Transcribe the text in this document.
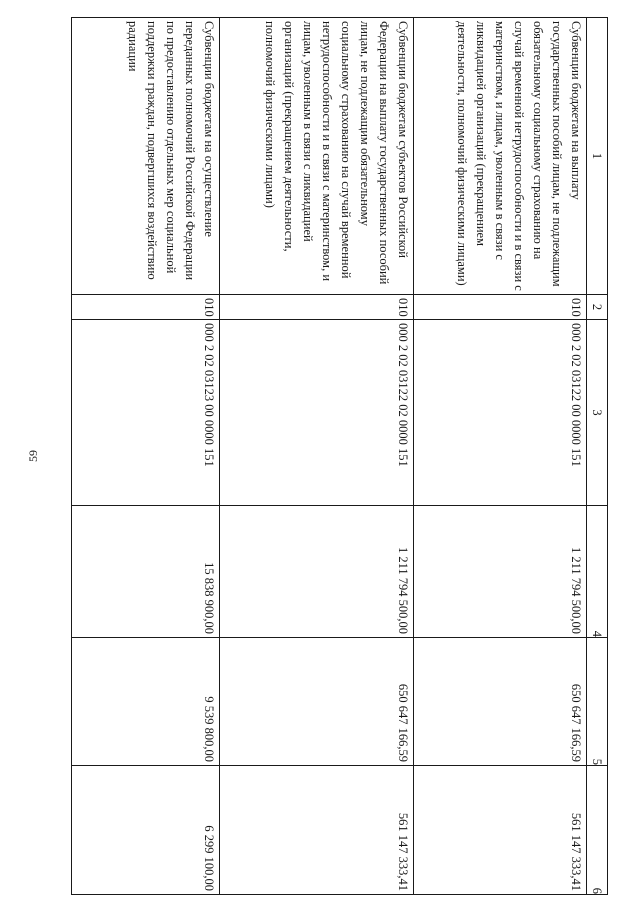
59
1	2	3	4	5	6
Субвенции бюджетам на выплату государственных пособий лицам, не подлежащим обязательному социальному страхованию на случай временной нетрудоспособности и в связи с материнством, и лицам, уволенным в связи с ликвидацией организаций (прекращением деятельности, полномочий физическими лицами)	010	000 2 02 03122 00 0000 151	1 211 794 500,00	650 647 166,59	561 147 333,41
Субвенции бюджетам субъектов Российской Федерации на выплату государственных пособий лицам, не подлежащим обязательному социальному страхованию на случай временной нетрудоспособности и в связи с материнством, и лицам, уволенным в связи с ликвидацией организаций (прекращением деятельности, полномочий физическими лицами)	010	000 2 02 03122 02 0000 151	1 211 794 500,00	650 647 166,59	561 147 333,41
Субвенции бюджетам на осуществление переданных полномочий Российской Федерации по предоставлению отдельных мер социальной поддержки граждан, подвергшихся воздействию радиации	010	000 2 02 03123 00 0000 151	15 838 900,00	9 539 800,00	6 299 100,00
